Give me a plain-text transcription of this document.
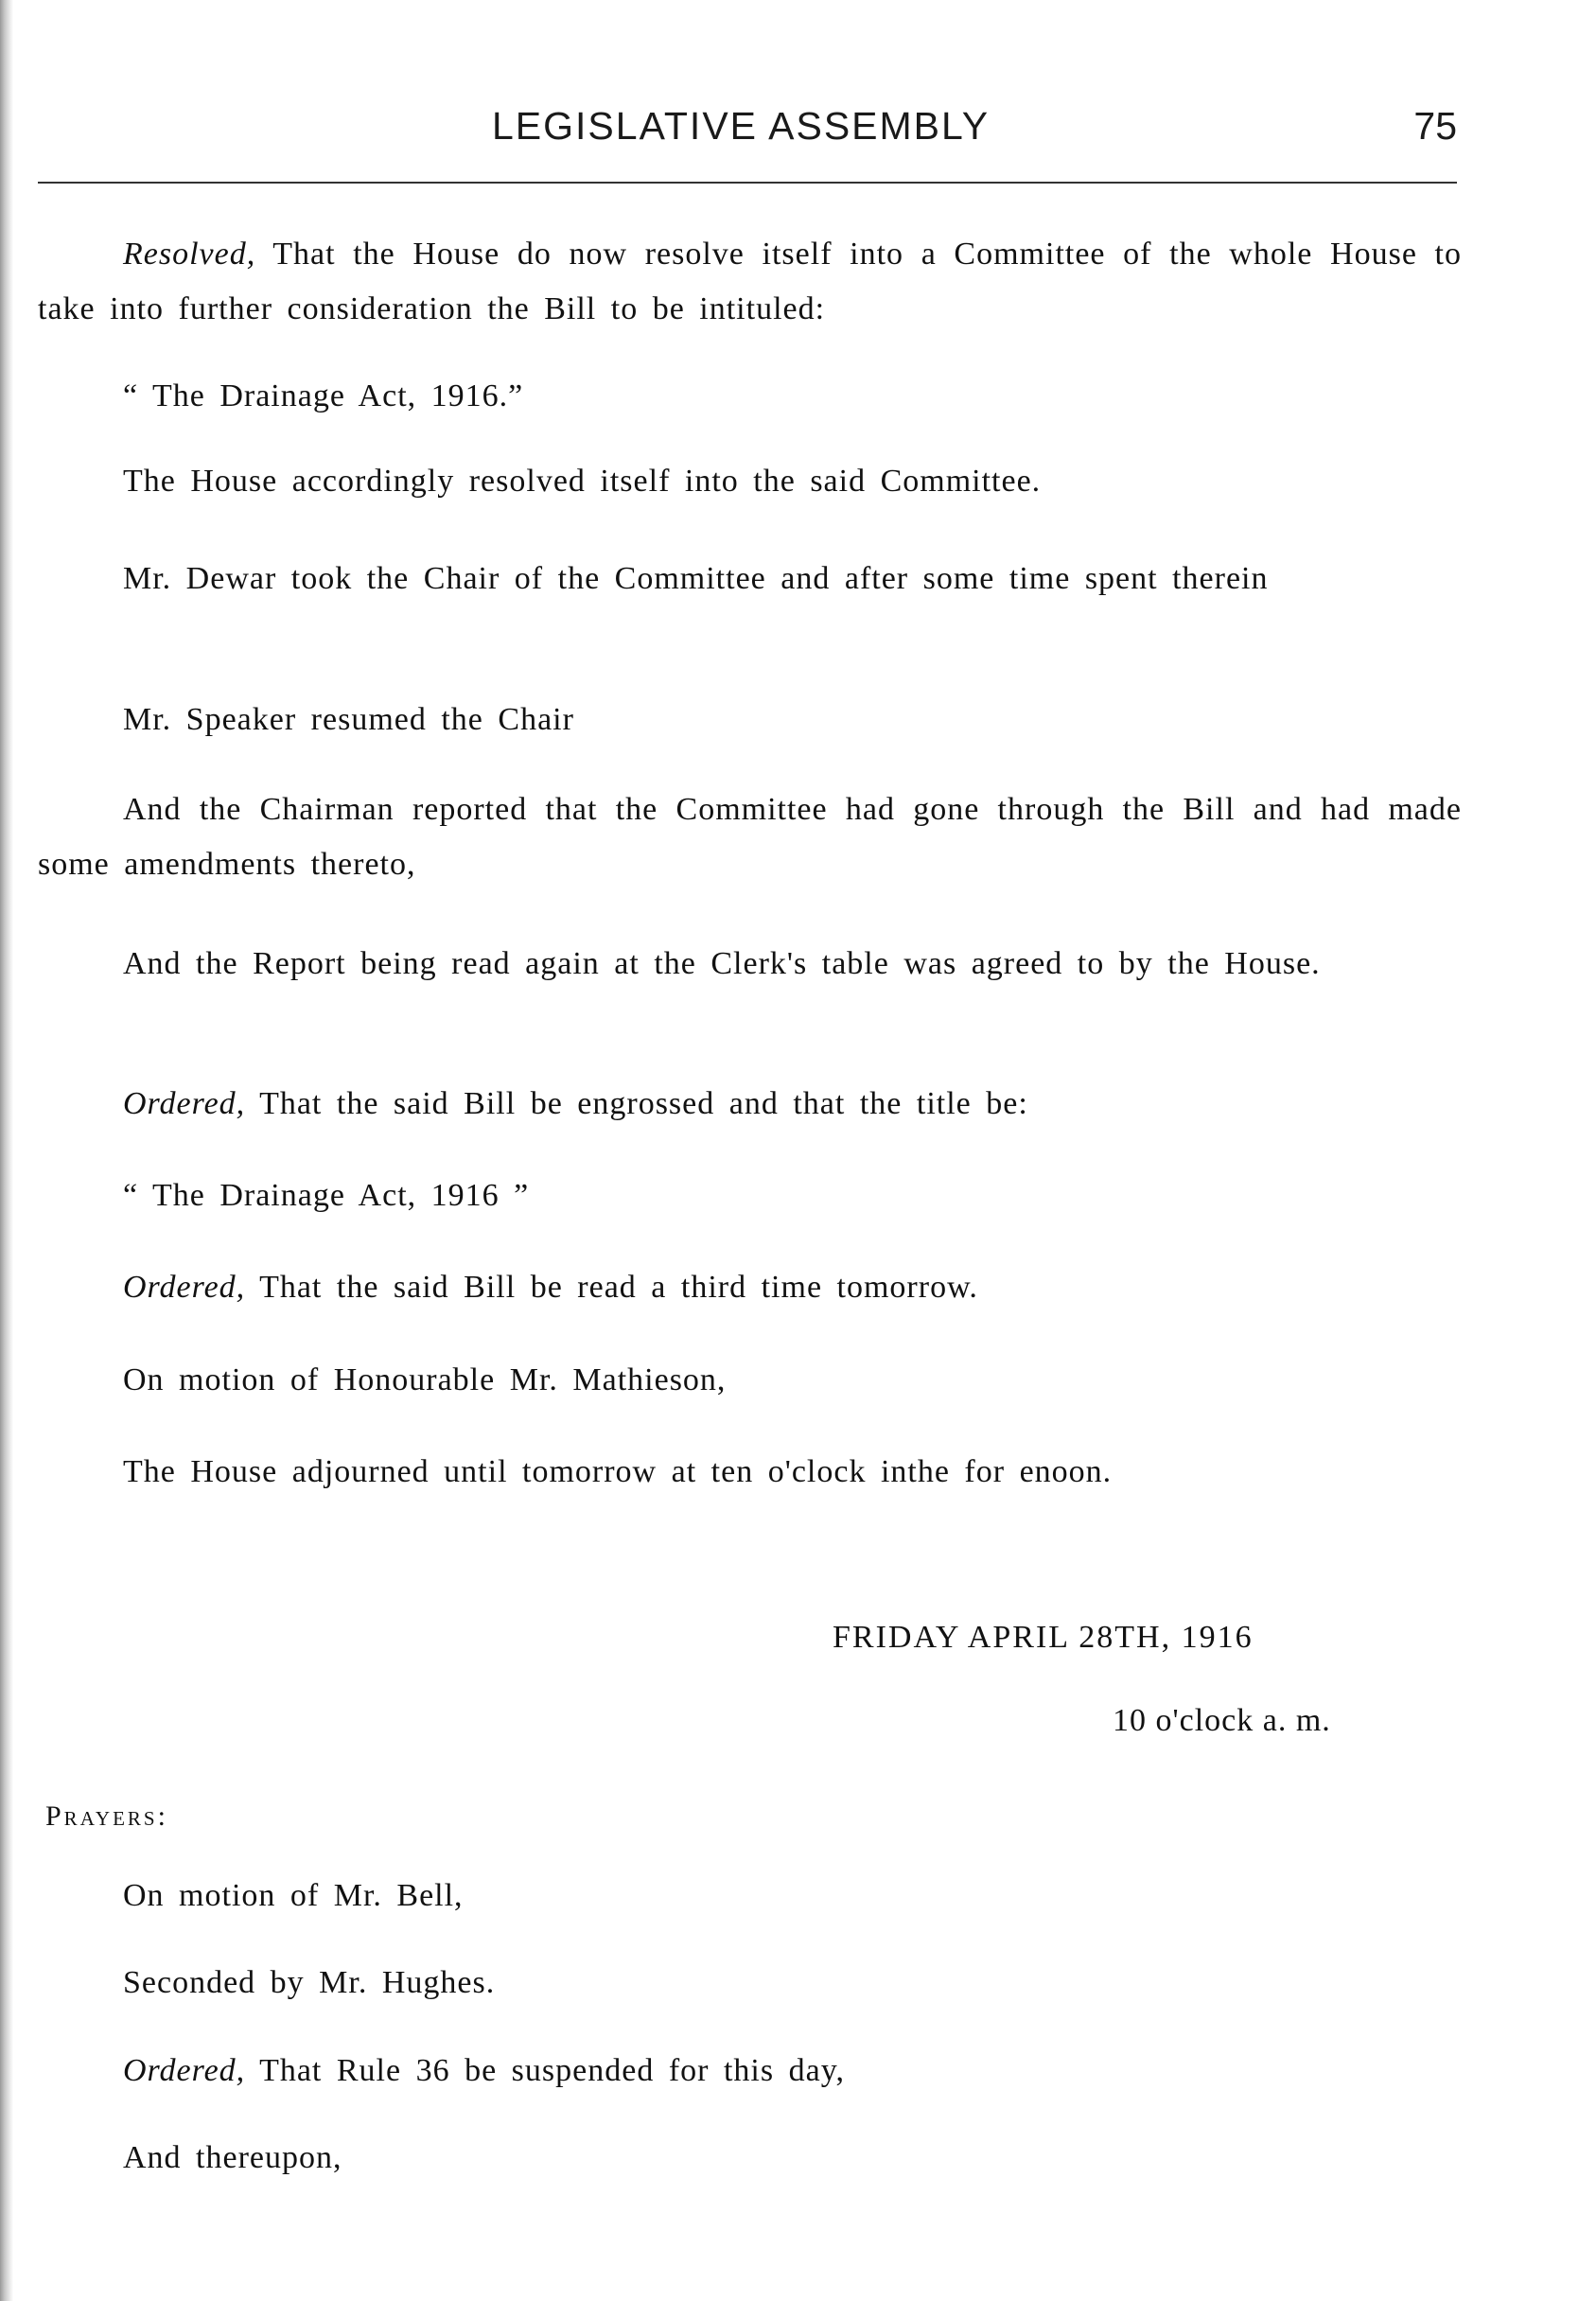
LEGISLATIVE ASSEMBLY	75

Resolved, That the House do now resolve itself into a Committee of the whole House to take into further consideration the Bill to be intituled:

“ The Drainage Act, 1916.”

The House accordingly resolved itself into the said Committee.

Mr. Dewar took the Chair of the Committee and after some time spent therein

Mr. Speaker resumed the Chair

And the Chairman reported that the Committee had gone through the Bill and had made some amendments thereto,

And the Report being read again at the Clerk's table was agreed to by the House.

Ordered, That the said Bill be engrossed and that the title be:

“ The Drainage Act, 1916 ”

Ordered, That the said Bill be read a third time tomorrow.

On motion of Honourable Mr. Mathieson,

The House adjourned until tomorrow at ten o'clock inthe for enoon.

FRIDAY APRIL 28TH, 1916
10 o'clock a. m.
Prayers:
On motion of Mr. Bell,
Seconded by Mr. Hughes.
Ordered, That Rule 36 be suspended for this day,
And thereupon,
